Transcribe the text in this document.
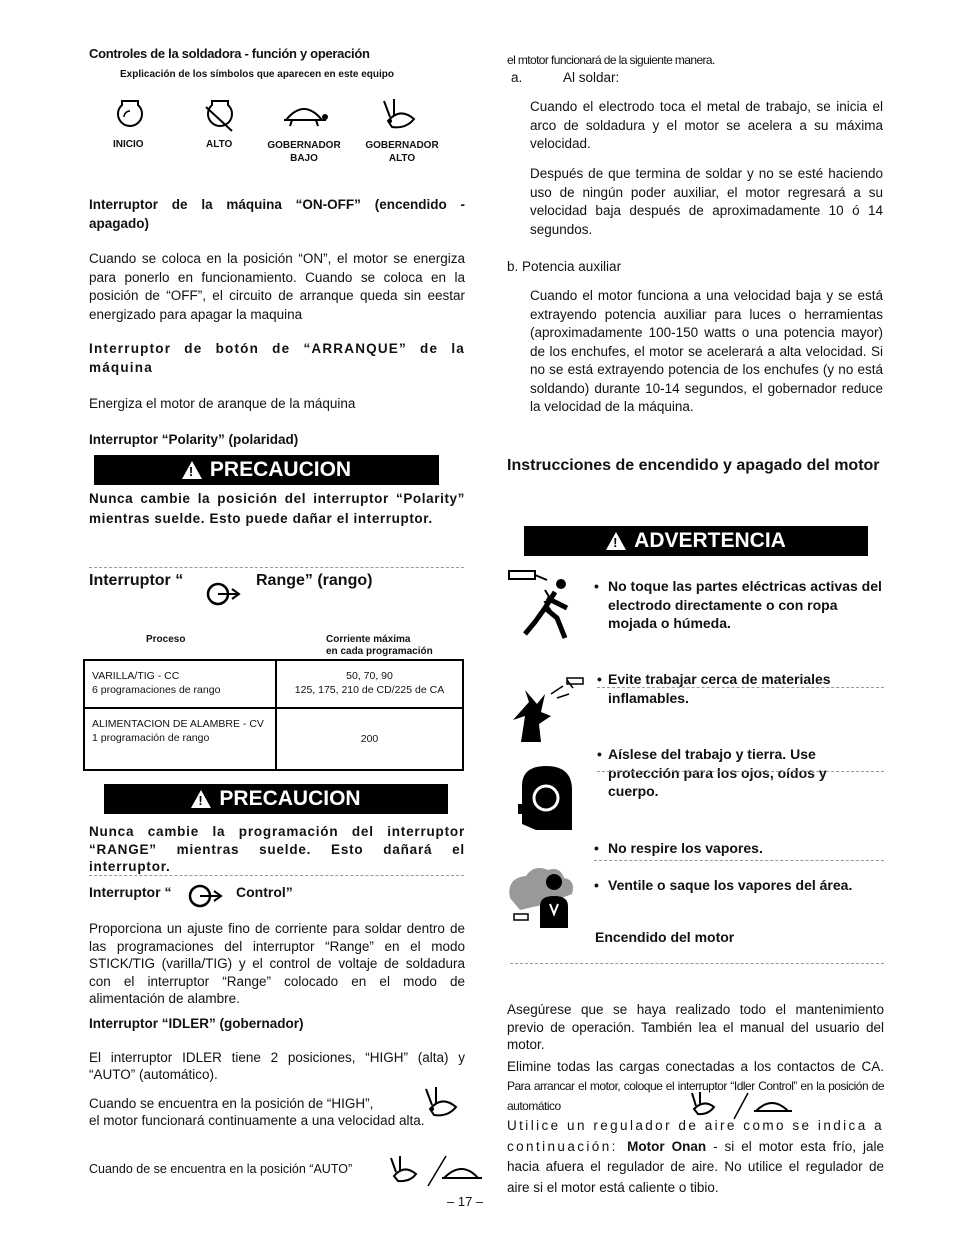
Controles de la soldadora - función y operación
Explicación de los símbolos que aparecen en este equipo
INICIO	ALTO	GOBERNADOR
BAJO
GOBERNADOR
ALTO
Interruptor de la máquina “ON-OFF” (encendido - apagado)
Cuando se coloca en la posición “ON”, el motor se energiza para ponerlo en funcionamiento. Cuando se coloca en la posición de “OFF”, el circuito de arranque queda sin eestar energizado para apagar la maquina
Interruptor de botón de “ARRANQUE” de la máquina
Energiza el motor de aranque de la máquina
Interruptor “Polarity” (polaridad)
!
PRECAUCION
Nunca cambie la posición del interruptor “Polarity” mientras suelde. Esto puede dañar el interruptor.
Interruptor “	Range” (rango)
Proceso	Corriente máxima
en cada programación
VARILLA/TIG - CC
6 programaciones de rango	50, 70, 90
125, 175, 210 de CD/225 de CA
ALIMENTACION DE ALAMBRE - CV
1 programación de rango	200
!
PRECAUCION
Nunca cambie la programación del interruptor “RANGE” mientras suelde. Esto dañará el interruptor.
Interruptor “	Control”
Proporciona un ajuste fino de corriente para soldar dentro de las programaciones del interruptor “Range” en el modo STICK/TIG (varilla/TIG) y el control de voltaje de soldadura con el interruptor “Range” colocado en el modo de alimentación de alambre.
Interruptor “IDLER” (gobernador)
El interruptor IDLER tiene 2 posiciones, “HIGH” (alta) y “AUTO” (automático).
Cuando se encuentra en la posición de “HIGH”,
el motor funcionará continuamente a una velocidad alta.
Cuando de se encuentra en la posición “AUTO”
el mtotor funcionará de la siguiente manera.
a.	Al soldar:
Cuando el electrodo toca el metal de trabajo, se inicia el arco de soldadura y el motor se acelera a su máxima velocidad.
Después de que termina de soldar y no se esté haciendo uso de ningún poder auxiliar, el motor regresará a su velocidad baja después de aproximadamente 10 ó 14 segundos.
b. Potencia auxiliar
Cuando el motor funciona a una velocidad baja y se está extrayendo potencia auxiliar para luces o herramientas (aproximadamente 100-150 watts o una potencia mayor) de los enchufes, el motor se acelerará a alta velocidad. Si no se está extrayendo potencia de los enchufes (y no está soldando) durante 10-14 segundos, el gobernador reduce la velocidad de la máquina.
Instrucciones de encendido y apagado del motor
!
ADVERTENCIA
• No toque las partes eléctricas activas del electrodo directamente o con ropa mojada o húmeda.
• Evite trabajar cerca de materiales inflamables.
• Aíslese del trabajo y tierra. Use protección para los ojos, oídos y cuerpo.
• No respire los vapores.
• Ventile o saque los vapores del área.
Encendido del motor
Asegúrese que se haya realizado todo el mantenimiento previo de operación. También lea el manual del usuario del motor.
Elimine todas las cargas conectadas a los contactos de CA. Para arrancar el motor, coloque el interruptor “Idler Control” en la posición de automático
Utilice un regulador de aire como se indica a continuación: Motor Onan - si el motor esta frío, jale hacia afuera el regulador de aire. No utilice el regulador de aire si el motor está caliente o tibio.
– 17 –
